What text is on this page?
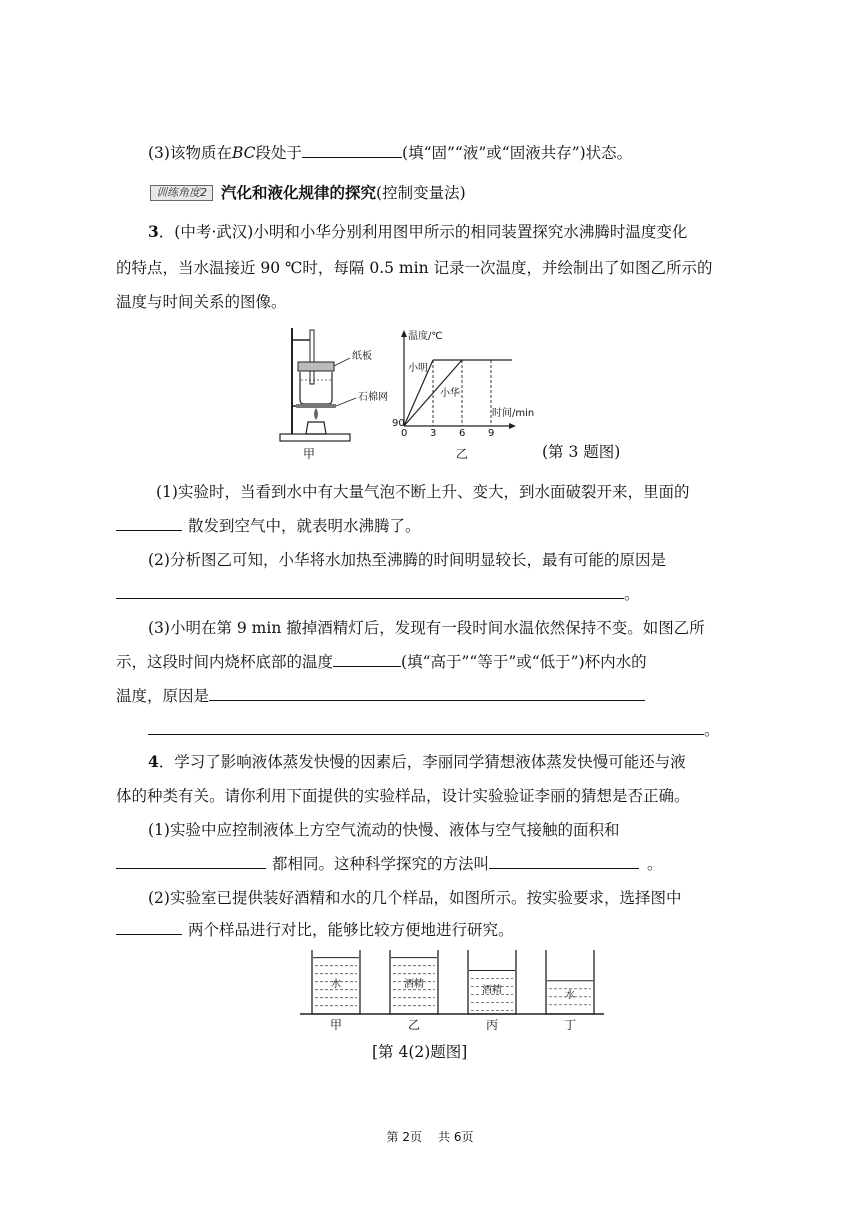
(3)该物质在BC段处于	(填“固”“液”或“固液共存”)状态。
训练角度2 汽化和液化规律的探究(控制变量法)
3．(中考·武汉)小明和小华分别利用图甲所示的相同装置探究水沸腾时温度变化
的特点，当水温接近 90 ℃时，每隔 0.5 min 记录一次温度，并绘制出了如图乙所示的
温度与时间关系的图像。
纸板
石棉网
甲
温度/℃
小明
小华
时间/min
90
0 3 6 9
乙	(第 3 题图)
(1)实验时，当看到水中有大量气泡不断上升、变大，到水面破裂开来，里面的
散发到空气中，就表明水沸腾了。
(2)分析图乙可知，小华将水加热至沸腾的时间明显较长，最有可能的原因是
。
(3)小明在第 9 min 撤掉酒精灯后，发现有一段时间水温依然保持不变。如图乙所
示，这段时间内烧杯底部的温度	(填“高于”“等于”或“低于”)杯内水的
温度，原因是
。
4．学习了影响液体蒸发快慢的因素后，李丽同学猜想液体蒸发快慢可能还与液
体的种类有关。请你利用下面提供的实验样品，设计实验验证李丽的猜想是否正确。
(1)实验中应控制液体上方空气流动的快慢、液体与空气接触的面积和
都相同。这种科学探究的方法叫	。
(2)实验室已提供装好酒精和水的几个样品，如图所示。按实验要求，选择图中
两个样品进行对比，能够比较方便地进行研究。
水
甲
酒精
乙
酒精
丙
水
丁
[第 4(2)题图]
第 2页 共 6页
